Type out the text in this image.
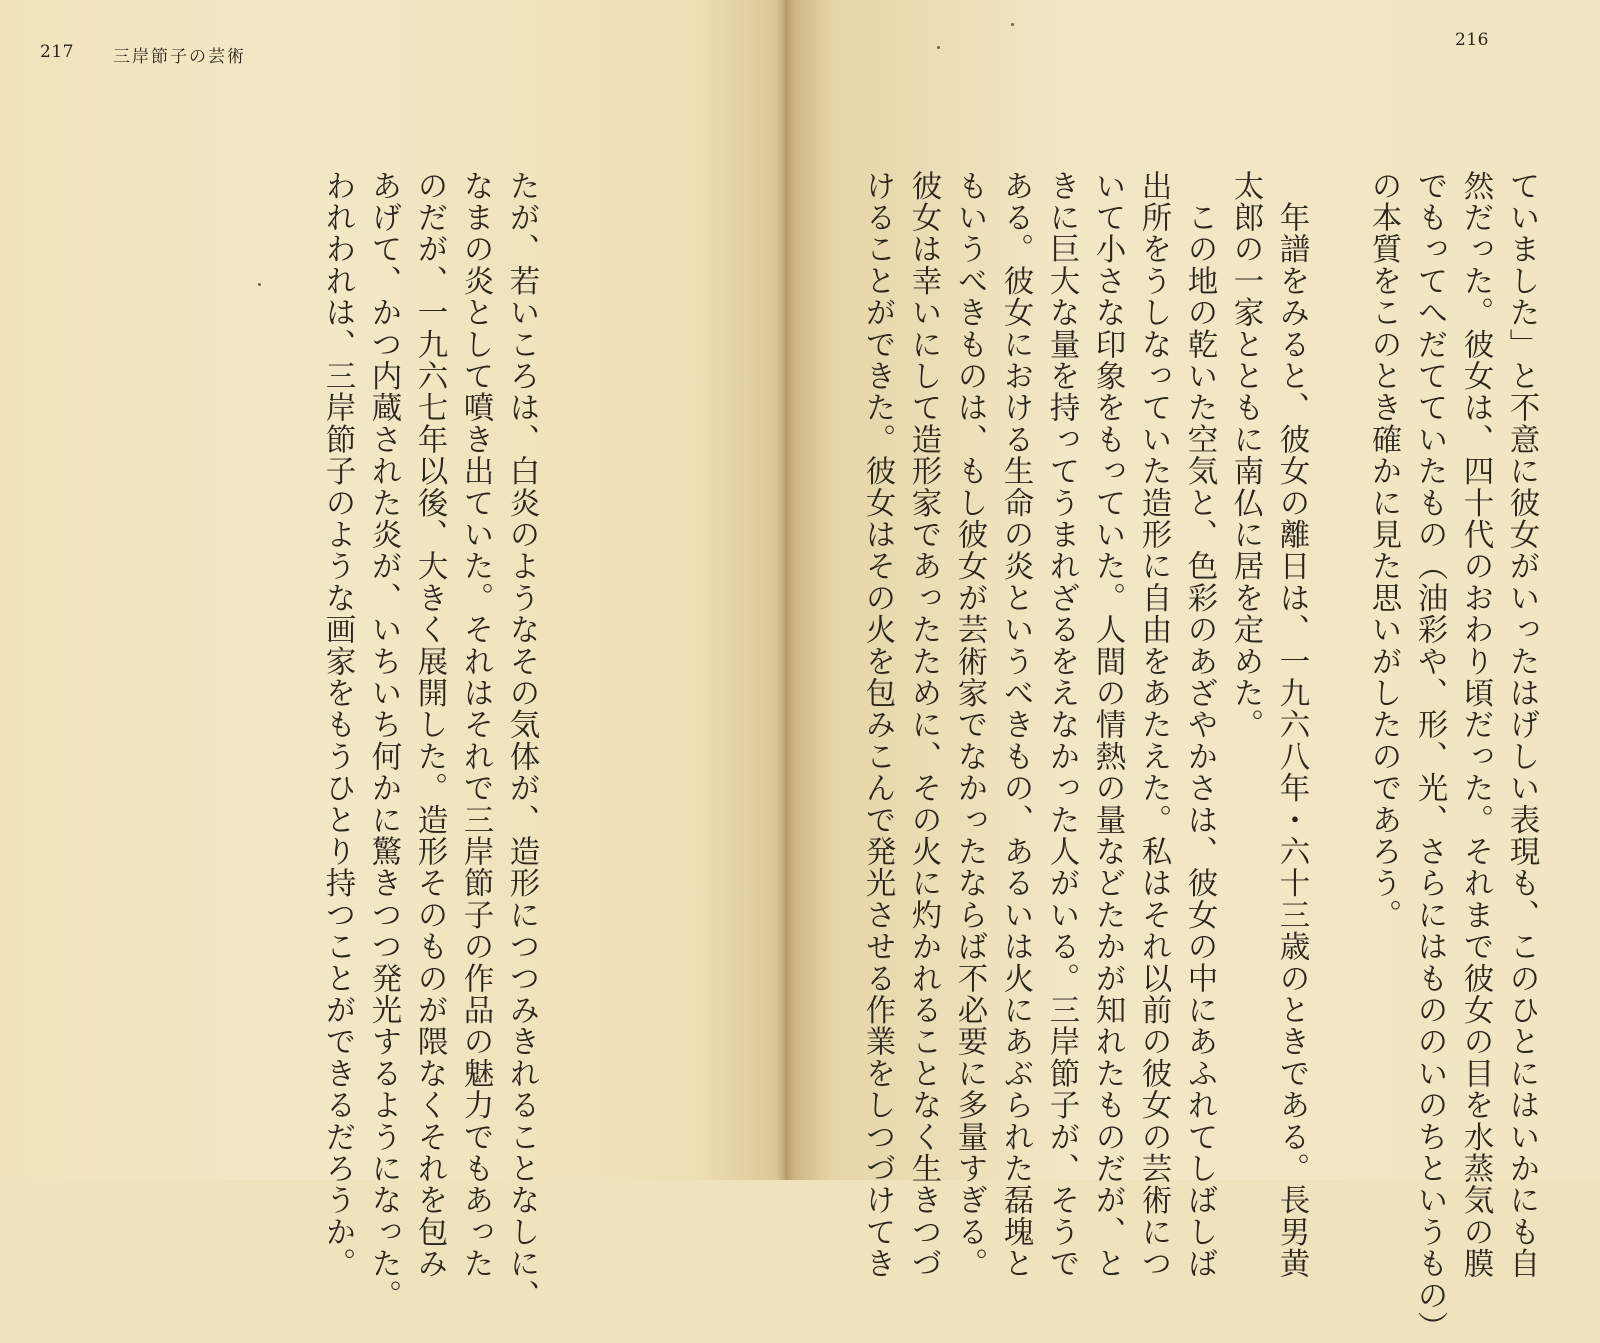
217 三岸節子の芸術
216
ていました」と不意に彼女がいったはげしい表現も、このひとにはいかにも自
然だった。彼女は、四十代のおわり頃だった。それまで彼女の目を水蒸気の膜
でもってへだてていたもの（油彩や、形、光、さらにはもののいのちというもの）
の本質をこのとき確かに見た思いがしたのであろう。

　年譜をみると、彼女の離日は、一九六八年・六十三歳のときである。長男黄
太郎の一家とともに南仏に居を定めた。
　この地の乾いた空気と、色彩のあざやかさは、彼女の中にあふれてしばしば
出所をうしなっていた造形に自由をあたえた。私はそれ以前の彼女の芸術につ
いて小さな印象をもっていた。人間の情熱の量などたかが知れたものだが、と
きに巨大な量を持ってうまれざるをえなかった人がいる。三岸節子が、そうで
ある。彼女における生命の炎というべきもの、あるいは火にあぶられた磊塊と
もいうべきものは、もし彼女が芸術家でなかったならば不必要に多量すぎる。
彼女は幸いにして造形家であったために、その火に灼かれることなく生きつづ
けることができた。彼女はその火を包みこんで発光させる作業をしつづけてき
たが、若いころは、白炎のようなその気体が、造形につつみきれることなしに、
なまの炎として噴き出ていた。それはそれで三岸節子の作品の魅力でもあった
のだが、一九六七年以後、大きく展開した。造形そのものが隈なくそれを包み
あげて、かつ内蔵された炎が、いちいち何かに驚きつつ発光するようになった。
われわれは、三岸節子のような画家をもうひとり持つことができるだろうか。
